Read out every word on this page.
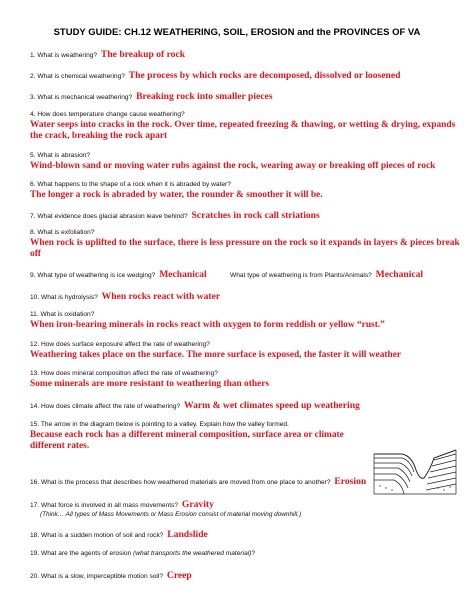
STUDY GUIDE: CH.12 WEATHERING, SOIL, EROSION and the PROVINCES OF VA
1. What is weathering? The breakup of rock
2. What is chemical weathering? The process by which rocks are decomposed, dissolved or loosened
3. What is mechanical weathering? Breaking rock into smaller pieces
4. How does temperature change cause weathering?
Water seeps into cracks in the rock. Over time, repeated freezing & thawing, or wetting & drying, expands the crack, breaking the rock apart
5. What is abrasion?
Wind-blown sand or moving water rubs against the rock, wearing away or breaking off pieces of rock
6. What happens to the shape of a rock when it is abraded by water?
The longer a rock is abraded by water, the rounder & smoother it will be.
7. What evidence does glacial abrasion leave behind? Scratches in rock call striations
8. What is exfoliation?
When rock is uplifted to the surface, there is less pressure on the rock so it expands in layers & pieces break off
9. What type of weathering is ice wedging? Mechanical	What type of weathering is from Plants/Animals? Mechanical
10. What is hydrolysis? When rocks react with water
11. What is oxidation?
When iron-bearing minerals in rocks react with oxygen to form reddish or yellow “rust.”
12. How does surface exposure affect the rate of weathering?
Weathering takes place on the surface. The more surface is exposed, the faster it will weather
13. How does mineral composition affect the rate of weathering?
Some minerals are more resistant to weathering than others
14. How does climate affect the rate of weathering? Warm & wet climates speed up weathering
15. The arrow in the diagram below is pointing to a valley. Explain how the valley formed.
Because each rock has a different mineral composition, surface area or climate different rates.
16. What is the process that describes how weathered materials are moved from one place to another? Erosion
17. What force is involved in all mass movements? Gravity
(Think… All types of Mass Movements or Mass Erosion consist of material moving downhill.)
18. What is a sudden motion of soil and rock? Landslide
19. What are the agents of erosion (what transports the weathered material)?
20. What is a slow, imperceptible motion soil? Creep
